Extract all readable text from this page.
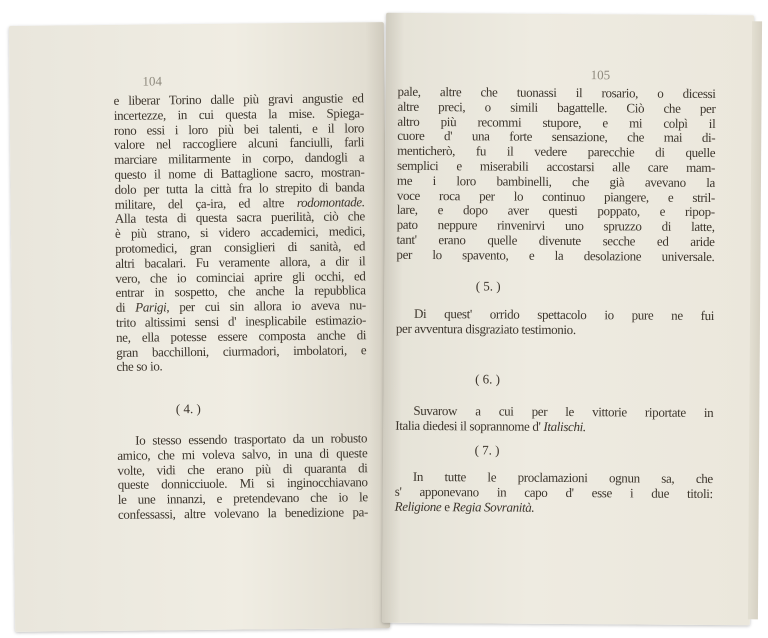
104
e liberar Torino dalle più gravi angustie ed
incertezze, in cui questa la mise. Spiega-
rono essi i loro più bei talenti, e il loro
valore nel raccogliere alcuni fanciulli, farli
marciare militarmente in corpo, dandogli a
questo il nome di Battaglione sacro, mostran-
dolo per tutta la città fra lo strepito di banda
militare, del ça-ira, ed altre rodomontade.
Alla testa di questa sacra puerilità, ciò che
è più strano, si videro accademici, medici,
protomedici, gran consiglieri di sanità, ed
altri bacalari. Fu veramente allora, a dir il
vero, che io cominciai aprire gli occhi, ed
entrar in sospetto, che anche la repubblica
di Parigi, per cui sin allora io aveva nu-
trito altissimi sensi d' inesplicabile estimazio-
ne, ella potesse essere composta anche di
gran bacchilloni, ciurmadori, imbolatori, e
che so io.
( 4. )
Io stesso essendo trasportato da un robusto
amico, che mi voleva salvo, in una di queste
volte, vidi che erano più di quaranta di
queste donnicciuole. Mi si inginocchiavano
le une innanzi, e pretendevano che io le
confessassi, altre volevano la benedizione pa-
105
pale, altre che tuonassi il rosario, o dicessi
altre preci, o simili bagattelle. Ciò che per
altro più recommi stupore, e mi colpì il
cuore d' una forte sensazione, che mai di-
menticherò, fu il vedere parecchie di quelle
semplici e miserabili accostarsi alle care mam-
me i loro bambinelli, che già avevano la
voce roca per lo continuo piangere, e stril-
lare, e dopo aver questi poppato, e ripop-
pato neppure rinvenirvi uno spruzzo di latte,
tant' erano quelle divenute secche ed aride
per lo spavento, e la desolazione universale.
( 5. )
Di quest' orrido spettacolo io pure ne fui
per avventura disgraziato testimonio.
( 6. )
Suvarow a cui per le vittorie riportate in
Italia diedesi il soprannome d' Italischi.
( 7. )
In tutte le proclamazioni ognun sa, che
s' apponevano in capo d' esse i due titoli:
Religione e Regia Sovranità.
